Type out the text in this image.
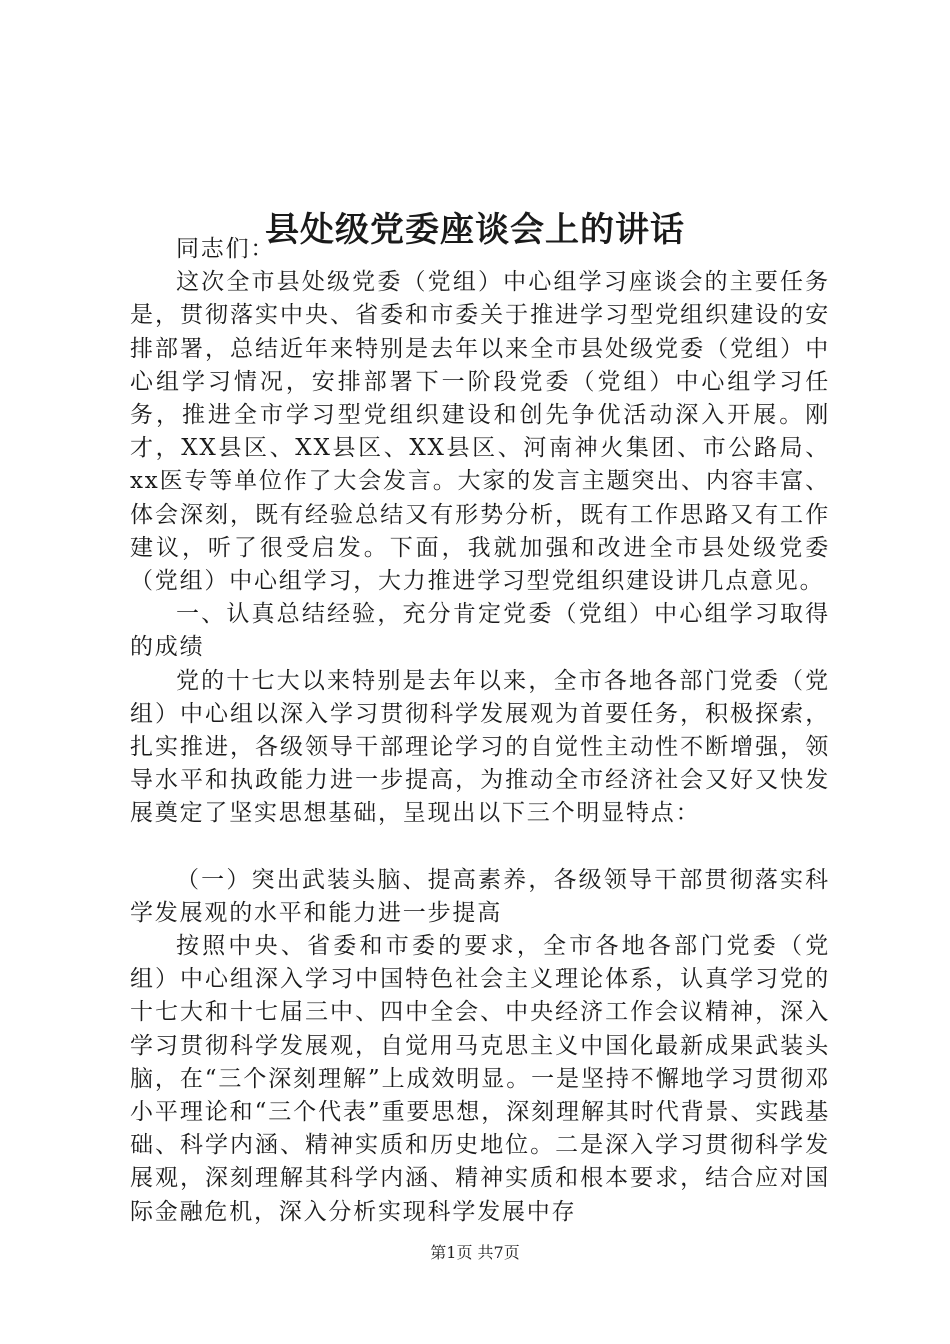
县处级党委座谈会上的讲话

同志们：

这次全市县处级党委（党组）中心组学习座谈会的主要任务是，贯彻落实中央、省委和市委关于推进学习型党组织建设的安排部署，总结近年来特别是去年以来全市县处级党委（党组）中心组学习情况，安排部署下一阶段党委（党组）中心组学习任务，推进全市学习型党组织建设和创先争优活动深入开展。刚才，XX县区、XX县区、XX县区、河南神火集团、市公路局、xx医专等单位作了大会发言。大家的发言主题突出、内容丰富、体会深刻，既有经验总结又有形势分析，既有工作思路又有工作建议，听了很受启发。下面，我就加强和改进全市县处级党委（党组）中心组学习，大力推进学习型党组织建设讲几点意见。

一、认真总结经验，充分肯定党委（党组）中心组学习取得的成绩

党的十七大以来特别是去年以来，全市各地各部门党委（党组）中心组以深入学习贯彻科学发展观为首要任务，积极探索，扎实推进，各级领导干部理论学习的自觉性主动性不断增强，领导水平和执政能力进一步提高，为推动全市经济社会又好又快发展奠定了坚实思想基础，呈现出以下三个明显特点：

（一）突出武装头脑、提高素养，各级领导干部贯彻落实科学发展观的水平和能力进一步提高

按照中央、省委和市委的要求，全市各地各部门党委（党组）中心组深入学习中国特色社会主义理论体系，认真学习党的十七大和十七届三中、四中全会、中央经济工作会议精神，深入学习贯彻科学发展观，自觉用马克思主义中国化最新成果武装头脑，在“三个深刻理解”上成效明显。一是坚持不懈地学习贯彻邓小平理论和“三个代表”重要思想，深刻理解其时代背景、实践基础、科学内涵、精神实质和历史地位。二是深入学习贯彻科学发展观，深刻理解其科学内涵、精神实质和根本要求，结合应对国际金融危机，深入分析实现科学发展中存

第1页 共7页
